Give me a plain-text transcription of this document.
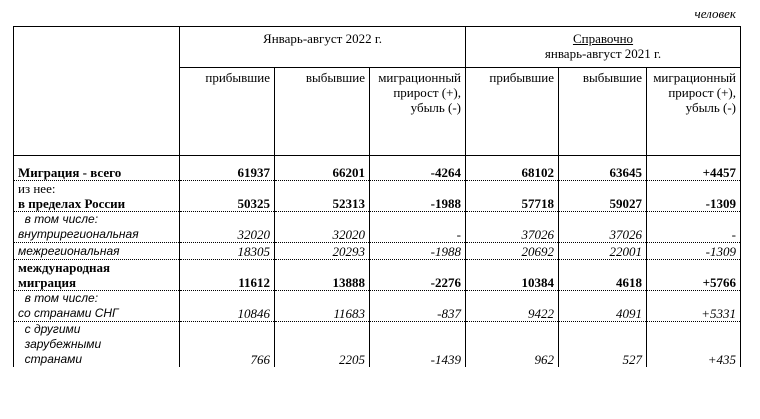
человек
	Январь-август 2022 г.			Справочно
январь-август 2021 г.		
	прибывшие	выбывшие	миграционный прирост (+), убыль (-)	прибывшие	выбывшие	миграционный прирост (+), убыль (-)

Миграция - всего	61937	66201	-4264	68102	63645	+4457
из нее:
в пределах России	50325	52313	-1988	57718	59027	-1309
в том числе:
внутрирегиональная	32020	32020	-	37026	37026	-
межрегиональная	18305	20293	-1988	20692	22001	-1309
международная
миграция	11612	13888	-2276	10384	4618	+5766
в том числе:
со странами СНГ	10846	11683	-837	9422	4091	+5331
с другими
зарубежными
странами	766	2205	-1439	962	527	+435
